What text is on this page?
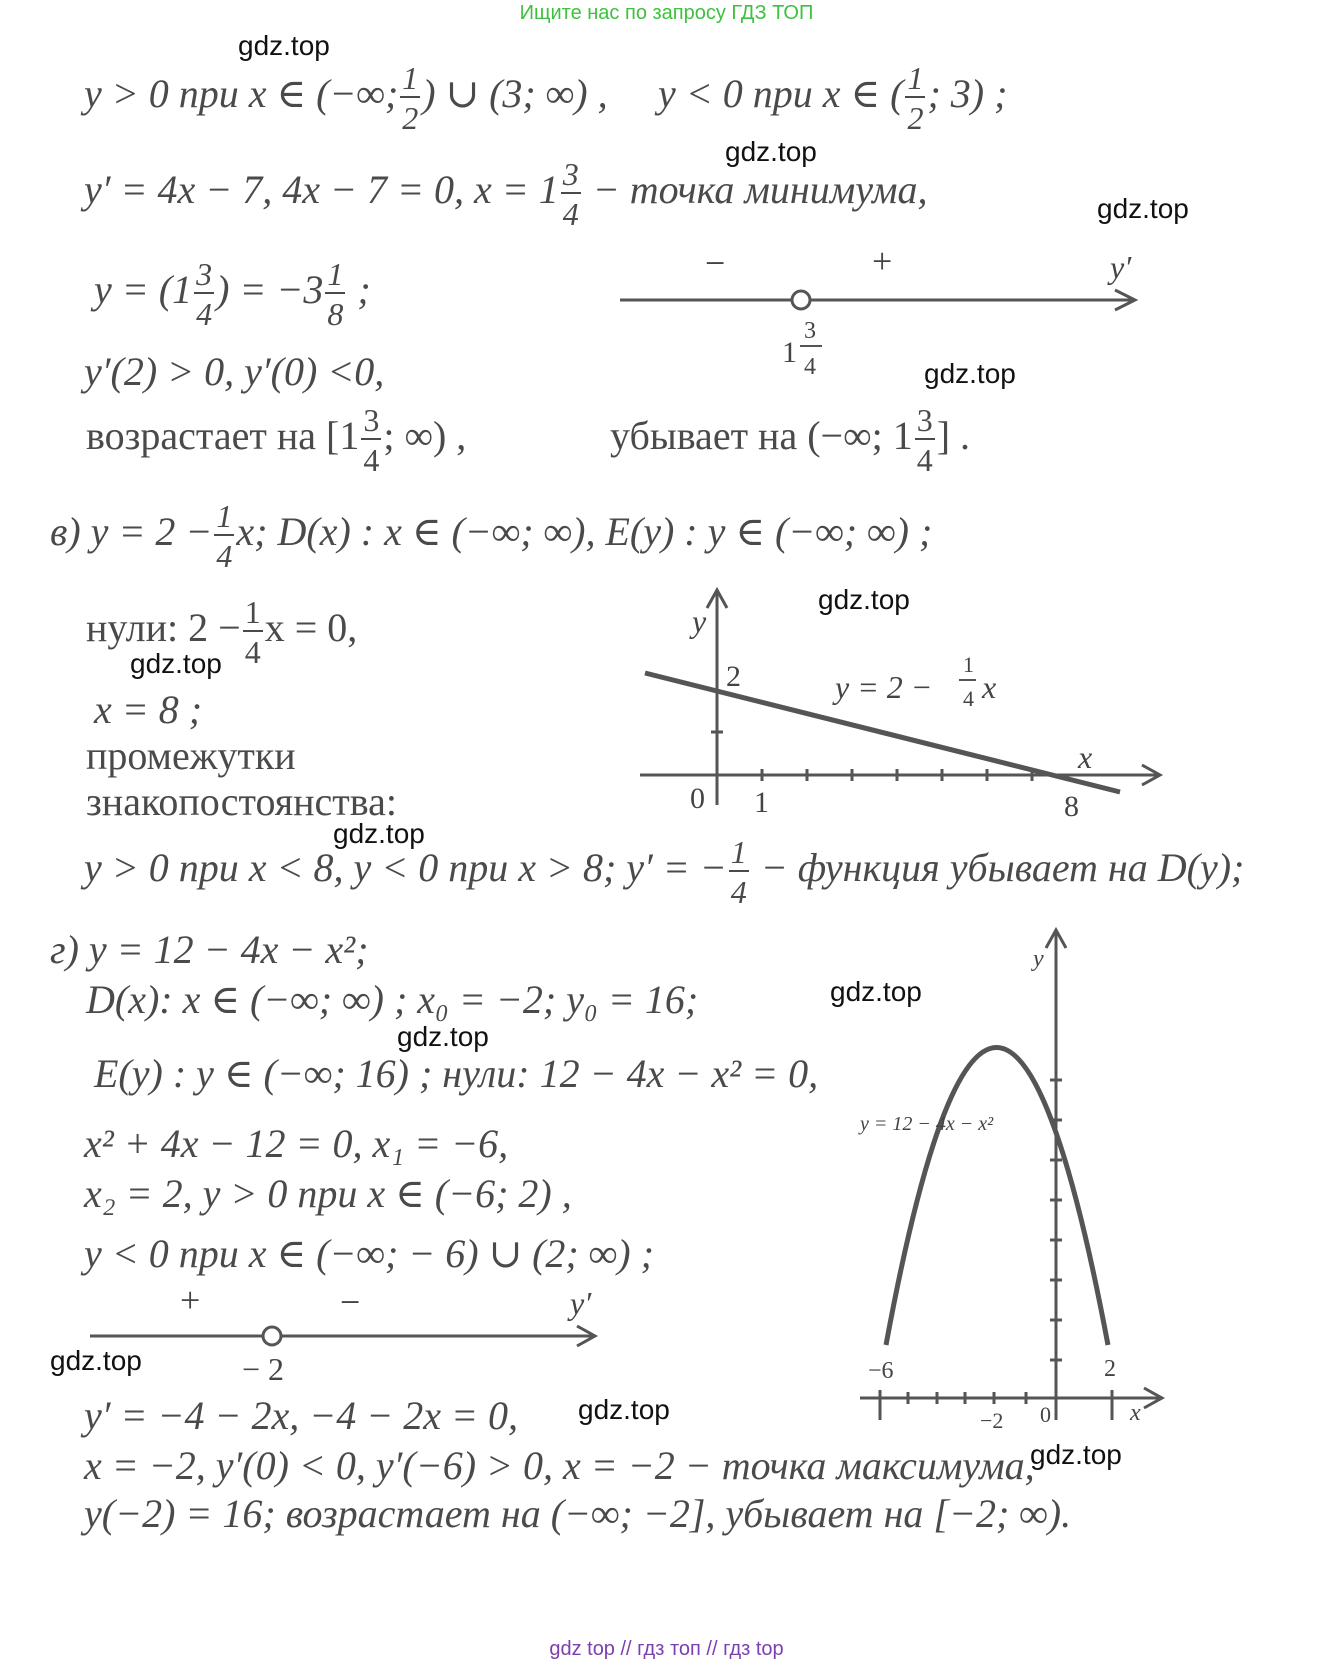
Ищите нас по запросу ГДЗ ТОП
gdz.top
gdz.top
gdz.top
gdz.top
gdz.top
gdz.top
gdz.top
gdz.top
gdz.top
gdz.top
gdz.top
gdz.top
y > 0 при x ∈ (−∞; $\frac{1}{2}$ ) ∪ (3; ∞) , y < 0 при x ∈ ( $\frac{1}{2}$ ; 3) ;
y′ = 4x − 7, 4x − 7 = 0, $x = 1 \frac{3}{4}$ − точка минимума,
$y = (1 \frac{3}{4}$ ) = $-3 \frac{1}{8}$ ;
y′(2) > 0, y′(0) <0,
возрастает на [$1 \frac{3}{4}$ ; ∞) ,	убывает на (−∞; $1 \frac{3}{4}$ ] .
−	+	y′
1
3
4
в) $y = 2 - \frac{1}{4} x$; D(x) : x ∈ (−∞; ∞), E(y) : y ∈ (−∞; ∞) ;
нули: $2 - \frac{1}{4}$ x = 0,
x = 8 ;
промежутки
знакопостоянства:
y > 0 при x < 8, y < 0 при x > 8; y′ = − $\frac{1}{4}$ − функция убывает на D(y);
y
x
2
0 1	8
y = 2 −
1
4 x
г) y = 12 − 4x − x²;
D(x): x ∈ (−∞; ∞) ; x₀ = −2; y₀ = 16;
E(y) : y ∈ (−∞; 16) ; нули: 12 − 4x − x² = 0,
x² + 4x − 12 = 0, x₁ = −6,
x₂ = 2, y > 0 при x ∈ (−6; 2) ,
y < 0 при x ∈ (−∞; − 6) ∪ (2; ∞) ;
+	−	y′
− 2
y′ = −4 − 2x, −4 − 2x = 0,
x = −2, y′(0) < 0, y′(−6) > 0, x = −2 − точка максимума,
y(−2) = 16; возрастает на (−∞; −2], убывает на [−2; ∞).
y
x
y = 12 − 4x − x²
−6	2
−2 0
gdz top // гдз топ // гдз top
